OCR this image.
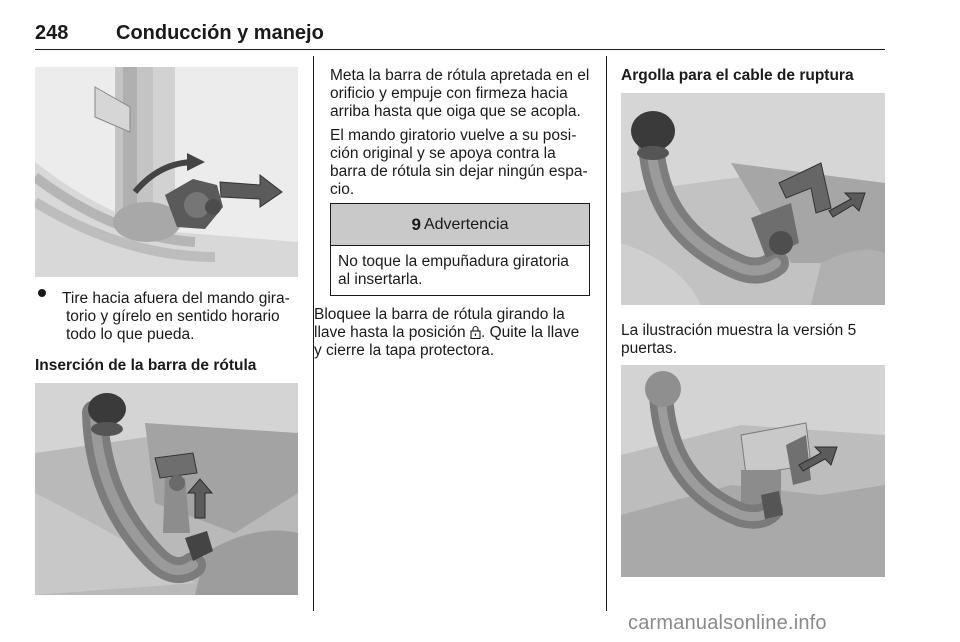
248 Conducción y manejo

Tire hacia afuera del mando gira-

torio y gírelo en sentido horario

todo lo que pueda.

Inserción de la barra de rótula

Meta la barra de rótula apretada en el

orificio y empuje con firmeza hacia

arriba hasta que oiga que se acopla.

El mando giratorio vuelve a su posi-

ción original y se apoya contra la

barra de rótula sin dejar ningún espa-

cio.

9 Advertencia
No toque la empuñadura giratoria
al insertarla.

Bloquee la barra de rótula girando la

llave hasta la posición . Quite la llave

y cierre la tapa protectora.

Argolla para el cable de ruptura

La ilustración muestra la versión 5

puertas.

carmanualsonline.info
